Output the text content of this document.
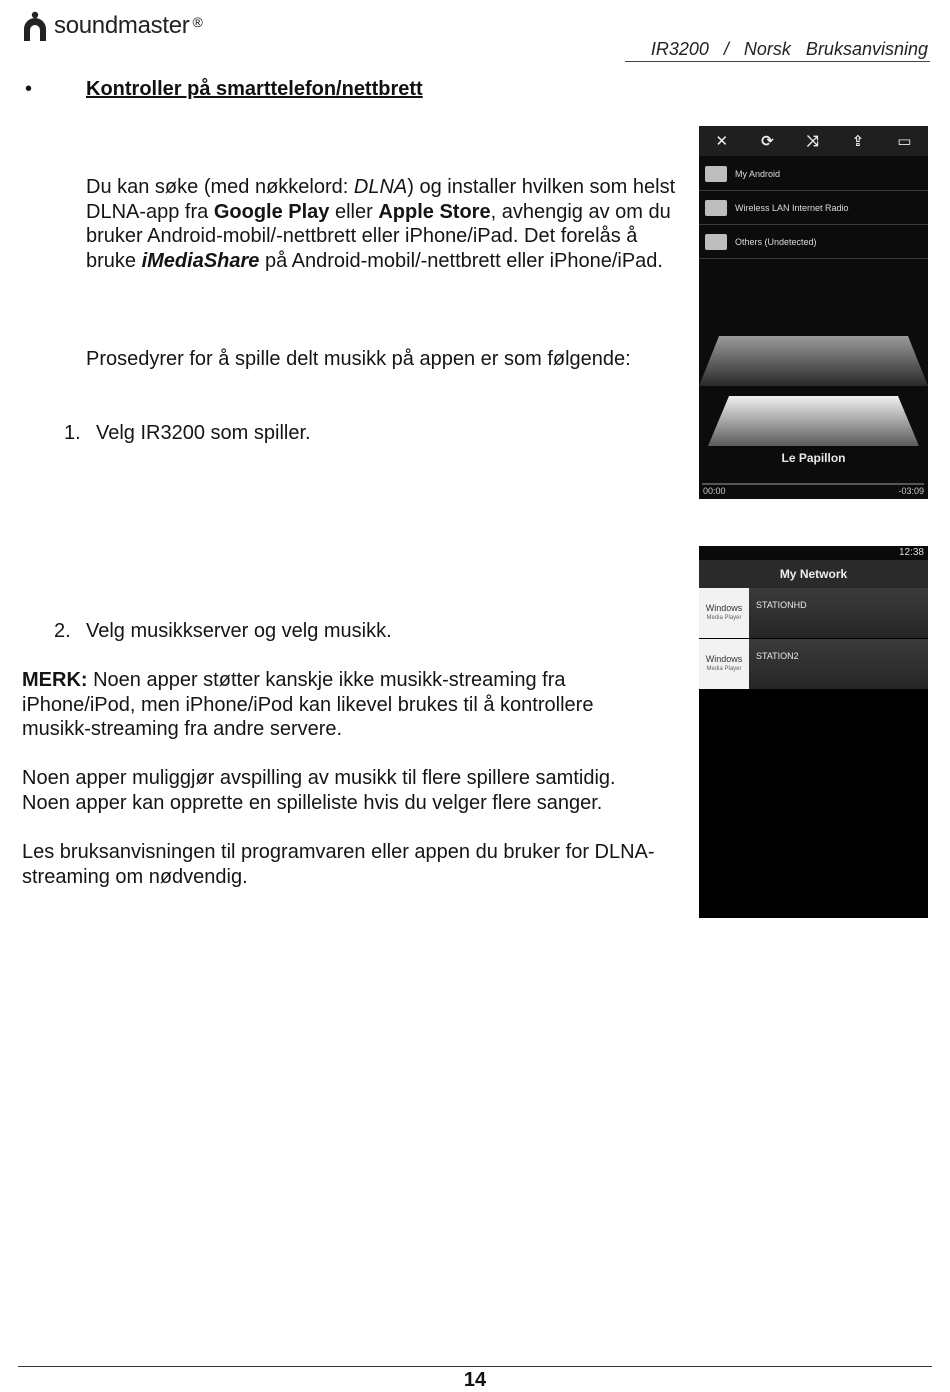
soundmaster ®
IR3200   /   Norsk   Bruksanvisning
•	Kontroller på smarttelefon/nettbrett
Du kan søke (med nøkkelord: DLNA) og installer hvilken som helst DLNA-app fra Google Play eller Apple Store, avhengig av om du bruker Android-mobil/-nettbrett eller iPhone/iPad. Det forelås å bruke iMediaShare på Android-mobil/-nettbrett eller iPhone/iPad.
Prosedyrer for å spille delt musikk på appen er som følgende:
1. Velg IR3200 som spiller.
2. Velg musikkserver og velg musikk.
MERK: Noen apper støtter kanskje ikke musikk-streaming fra iPhone/iPod, men iPhone/iPod kan likevel brukes til å kontrollere musikk-streaming fra andre servere.
Noen apper muliggjør avspilling av musikk til flere spillere samtidig. Noen apper kan opprette en spilleliste hvis du velger flere sanger.
Les bruksanvisningen til programvaren eller appen du bruker for DLNA-streaming om nødvendig.
✕ ⟳ ⤨ ⇪ ▭
My Android
Wireless LAN Internet Radio
Others (Undetected)
Le Papillon
00:00	-03:09
12:38
My Network
Windows
Media Player
STATIONHD
Windows
Media Player
STATION2
14
